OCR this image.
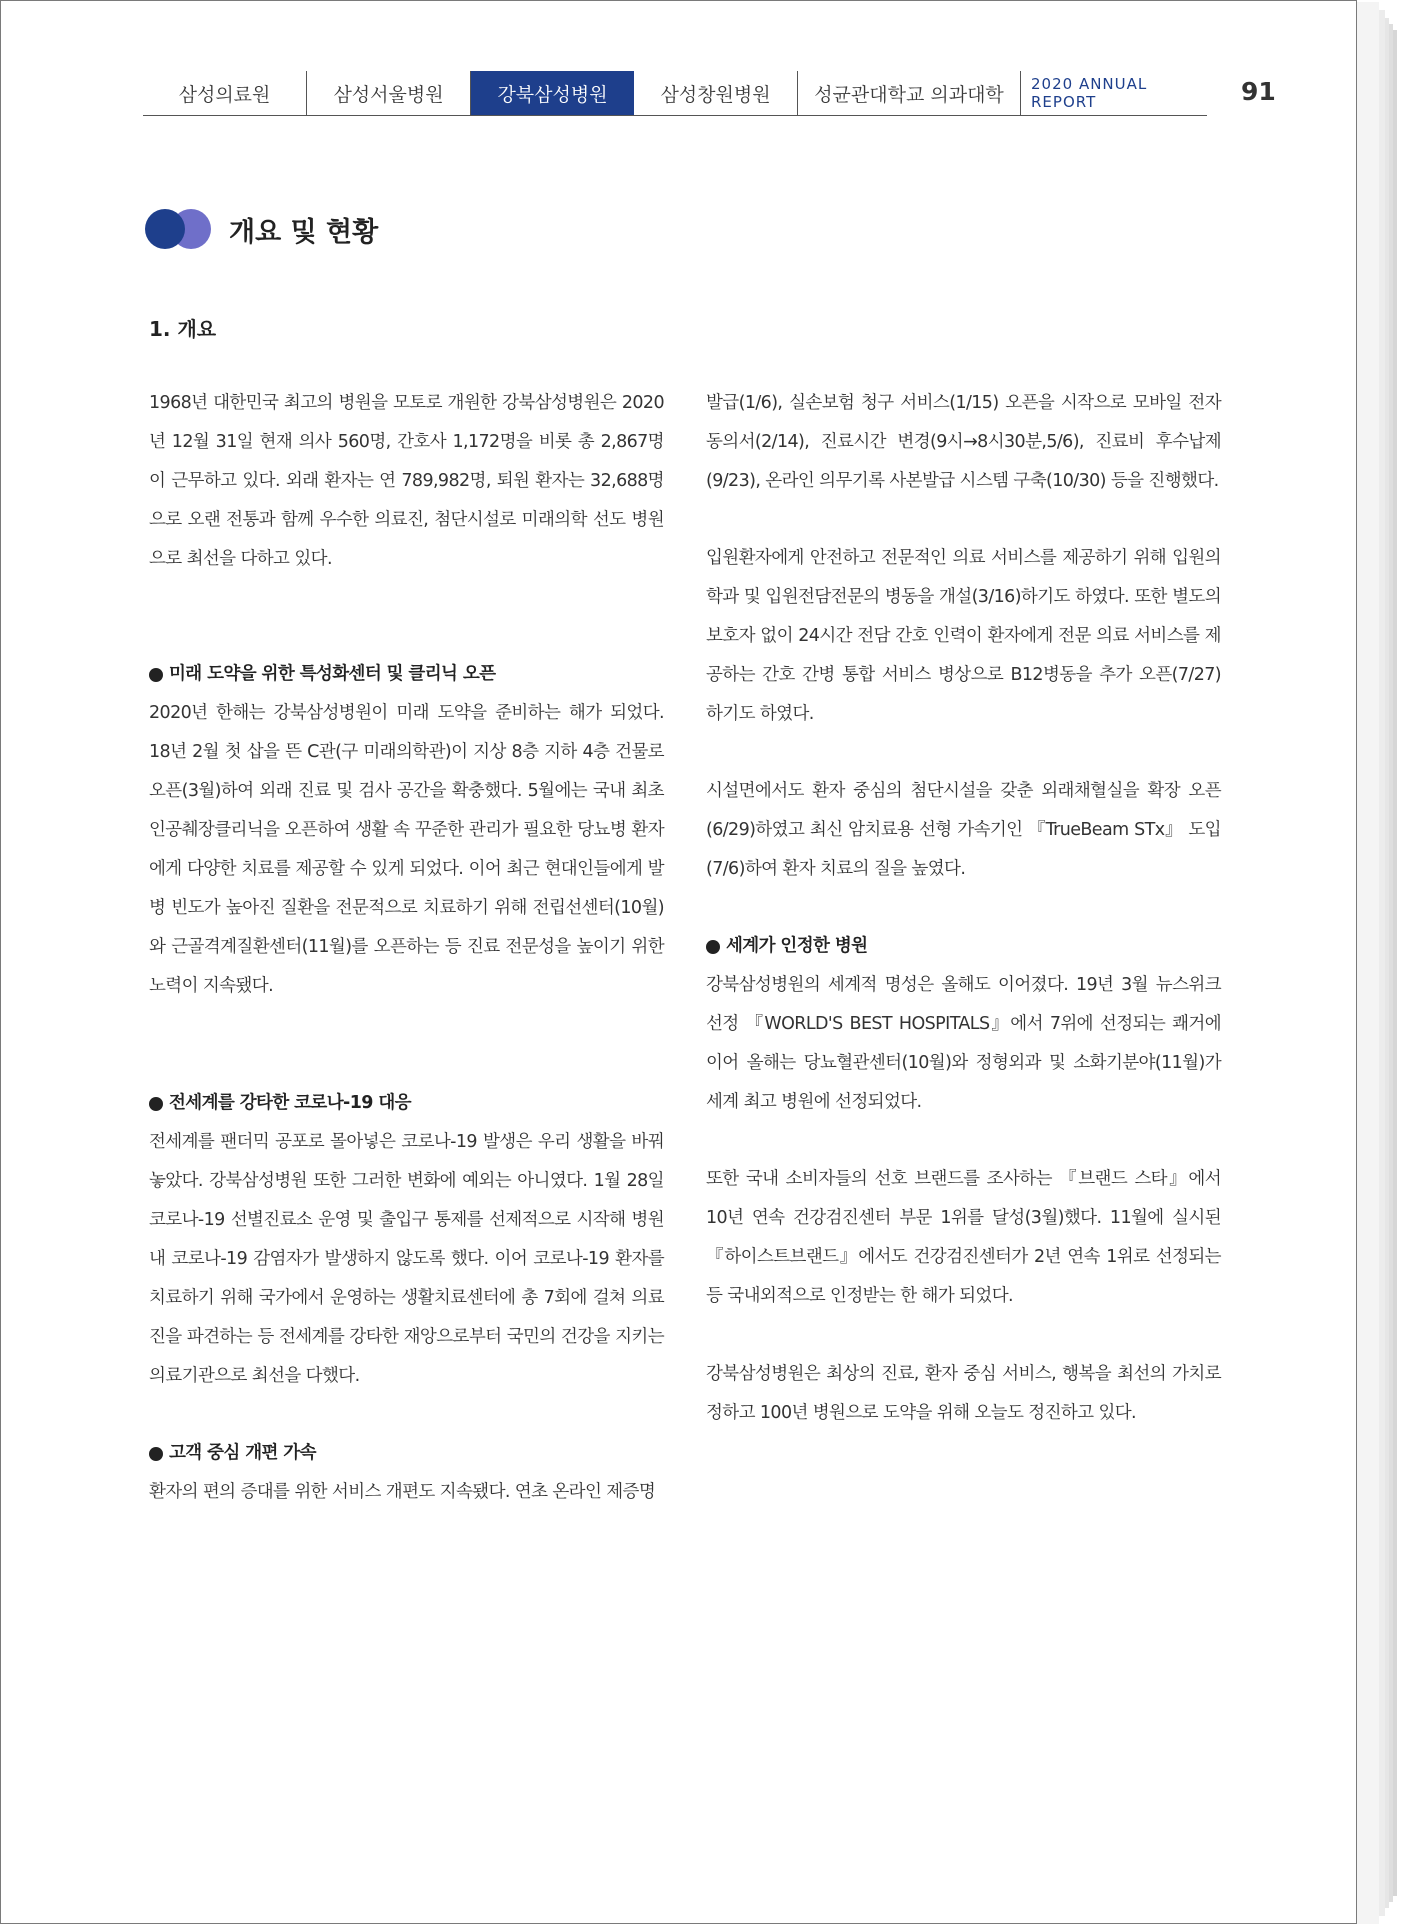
삼성의료원	삼성서울병원	강북삼성병원	삼성창원병원	성균관대학교 의과대학	2020 ANNUAL REPORT	91
개요 및 현황
1. 개요

1968년 대한민국 최고의 병원을 모토로 개원한 강북삼성병원은 2020년 12월 31일 현재 의사 560명, 간호사 1,172명을 비롯 총 2,867명이 근무하고 있다. 외래 환자는 연 789,982명, 퇴원 환자는 32,688명으로 오랜 전통과 함께 우수한 의료진, 첨단시설로 미래의학 선도 병원으로 최선을 다하고 있다.

미래 도약을 위한 특성화센터 및 클리닉 오픈

2020년 한해는 강북삼성병원이 미래 도약을 준비하는 해가 되었다. 18년 2월 첫 삽을 뜬 C관(구 미래의학관)이 지상 8층 지하 4층 건물로 오픈(3월)하여 외래 진료 및 검사 공간을 확충했다. 5월에는 국내 최초 인공췌장클리닉을 오픈하여 생활 속 꾸준한 관리가 필요한 당뇨병 환자에게 다양한 치료를 제공할 수 있게 되었다. 이어 최근 현대인들에게 발병 빈도가 높아진 질환을 전문적으로 치료하기 위해 전립선센터(10월)와 근골격계질환센터(11월)를 오픈하는 등 진료 전문성을 높이기 위한 노력이 지속됐다.

전세계를 강타한 코로나-19 대응

전세계를 팬더믹 공포로 몰아넣은 코로나-19 발생은 우리 생활을 바꿔놓았다. 강북삼성병원 또한 그러한 변화에 예외는 아니였다. 1월 28일 코로나-19 선별진료소 운영 및 출입구 통제를 선제적으로 시작해 병원내 코로나-19 감염자가 발생하지 않도록 했다. 이어 코로나-19 환자를 치료하기 위해 국가에서 운영하는 생활치료센터에 총 7회에 걸쳐 의료진을 파견하는 등 전세계를 강타한 재앙으로부터 국민의 건강을 지키는 의료기관으로 최선을 다했다.

고객 중심 개편 가속

환자의 편의 증대를 위한 서비스 개편도 지속됐다. 연초 온라인 제증명

발급(1/6), 실손보험 청구 서비스(1/15) 오픈을 시작으로 모바일 전자동의서(2/14), 진료시간 변경(9시→8시30분,5/6), 진료비 후수납제(9/23), 온라인 의무기록 사본발급 시스템 구축(10/30) 등을 진행했다.

입원환자에게 안전하고 전문적인 의료 서비스를 제공하기 위해 입원의학과 및 입원전담전문의 병동을 개설(3/16)하기도 하였다. 또한 별도의 보호자 없이 24시간 전담 간호 인력이 환자에게 전문 의료 서비스를 제공하는 간호 간병 통합 서비스 병상으로 B12병동을 추가 오픈(7/27) 하기도 하였다.

시설면에서도 환자 중심의 첨단시설을 갖춘 외래채혈실을 확장 오픈(6/29)하였고 최신 암치료용 선형 가속기인 『TrueBeam STx』 도입(7/6)하여 환자 치료의 질을 높였다.

세계가 인정한 병원

강북삼성병원의 세계적 명성은 올해도 이어졌다. 19년 3월 뉴스위크 선정 『WORLD'S BEST HOSPITALS』에서 7위에 선정되는 쾌거에 이어 올해는 당뇨혈관센터(10월)와 정형외과 및 소화기분야(11월)가 세계 최고 병원에 선정되었다.

또한 국내 소비자들의 선호 브랜드를 조사하는 『브랜드 스타』에서 10년 연속 건강검진센터 부문 1위를 달성(3월)했다. 11월에 실시된 『하이스트브랜드』에서도 건강검진센터가 2년 연속 1위로 선정되는 등 국내외적으로 인정받는 한 해가 되었다.

강북삼성병원은 최상의 진료, 환자 중심 서비스, 행복을 최선의 가치로 정하고 100년 병원으로 도약을 위해 오늘도 정진하고 있다.
